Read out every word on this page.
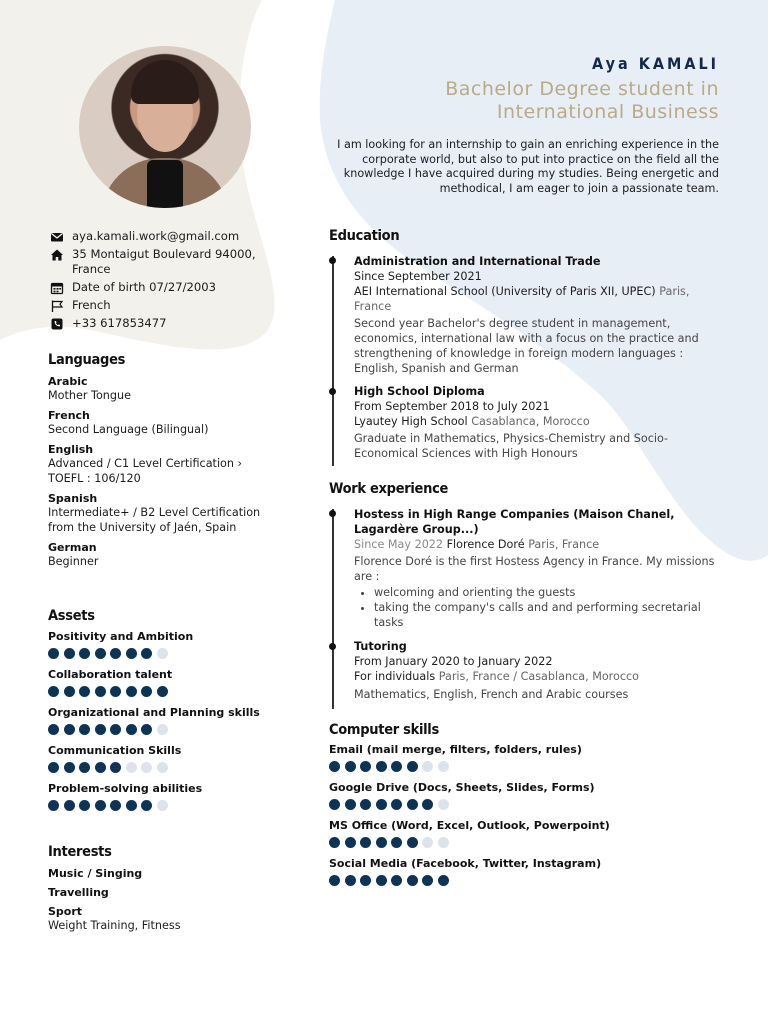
Aya KAMALI
Bachelor Degree student in International Business
I am looking for an internship to gain an enriching experience in the corporate world, but also to put into practice on the field all the knowledge I have acquired during my studies. Being energetic and methodical, I am eager to join a passionate team.
aya.kamali.work@gmail.com
35 Montaigut Boulevard 94000, France
Date of birth 07/27/2003
French
+33 617853477
Languages
Arabic
Mother Tongue
French
Second Language (Bilingual)
English
Advanced / C1 Level Certification › TOEFL : 106/120
Spanish
Intermediate+ / B2 Level Certification from the University of Jaén, Spain
German
Beginner
Assets
Positivity and Ambition
Collaboration talent
Organizational and Planning skills
Communication Skills
Problem-solving abilities
Interests
Music / Singing
Travelling
Sport
Weight Training, Fitness
Education
Administration and International Trade
Since September 2021
AEI International School (University of Paris XII, UPEC) Paris, France
Second year Bachelor's degree student in management, economics, international law with a focus on the practice and strengthening of knowledge in foreign modern languages : English, Spanish and German
High School Diploma
From September 2018 to July 2021
Lyautey High School Casablanca, Morocco
Graduate in Mathematics, Physics-Chemistry and Socio-Economical Sciences with High Honours
Work experience
Hostess in High Range Companies (Maison Chanel, Lagardère Group...)
Since May 2022 Florence Doré Paris, France
Florence Doré is the first Hostess Agency in France. My missions are :
• welcoming and orienting the guests
• taking the company's calls and and performing secretarial tasks
Tutoring
From January 2020 to January 2022
For individuals Paris, France / Casablanca, Morocco
Mathematics, English, French and Arabic courses
Computer skills
Email (mail merge, filters, folders, rules)
Google Drive (Docs, Sheets, Slides, Forms)
MS Office (Word, Excel, Outlook, Powerpoint)
Social Media (Facebook, Twitter, Instagram)
